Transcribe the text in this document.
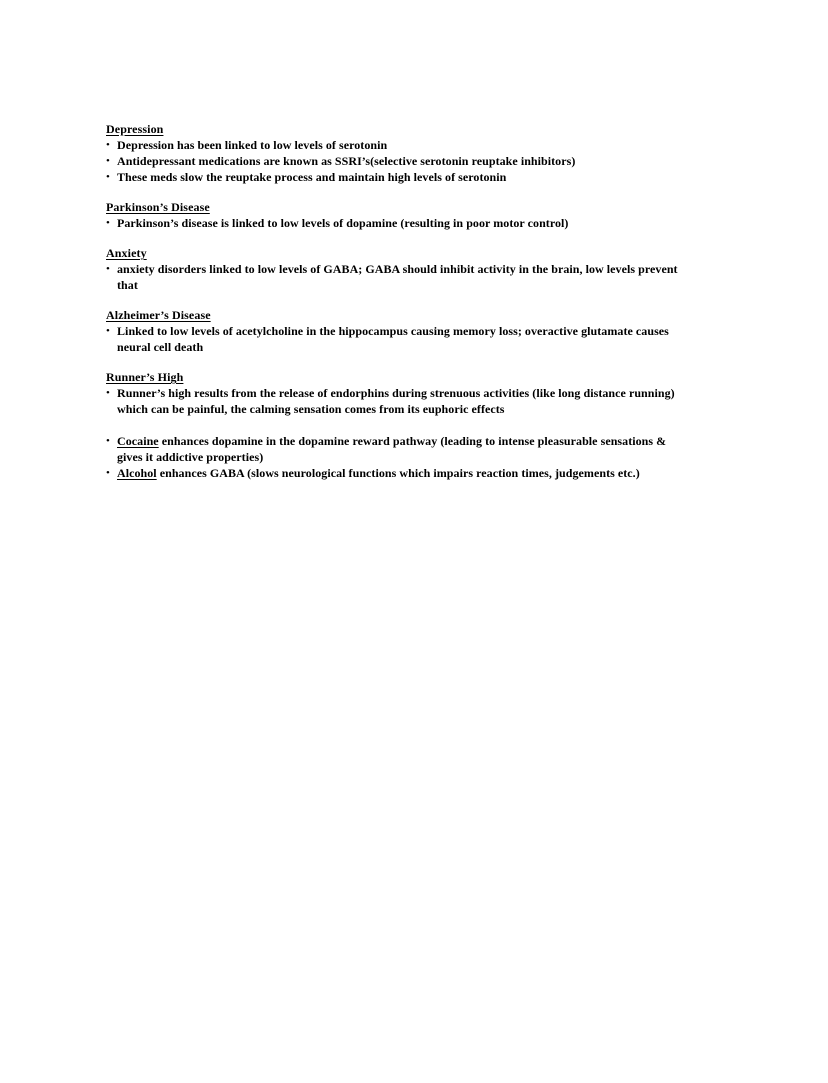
Depression
• Depression has been linked to low levels of serotonin
• Antidepressant medications are known as SSRI’s(selective serotonin reuptake inhibitors)
• These meds slow the reuptake process and maintain high levels of serotonin
Parkinson’s Disease
• Parkinson’s disease is linked to low levels of dopamine (resulting in poor motor control)
Anxiety
• anxiety disorders linked to low levels of GABA; GABA should inhibit activity in the brain, low levels prevent that
Alzheimer’s Disease
• Linked to low levels of acetylcholine in the hippocampus causing memory loss; overactive glutamate causes neural cell death
Runner’s High
• Runner’s high results from the release of endorphins during strenuous activities (like long distance running) which can be painful, the calming sensation comes from its euphoric effects
• Cocaine enhances dopamine in the dopamine reward pathway (leading to intense pleasurable sensations & gives it addictive properties)
• Alcohol enhances GABA (slows neurological functions which impairs reaction times, judgements etc.)
